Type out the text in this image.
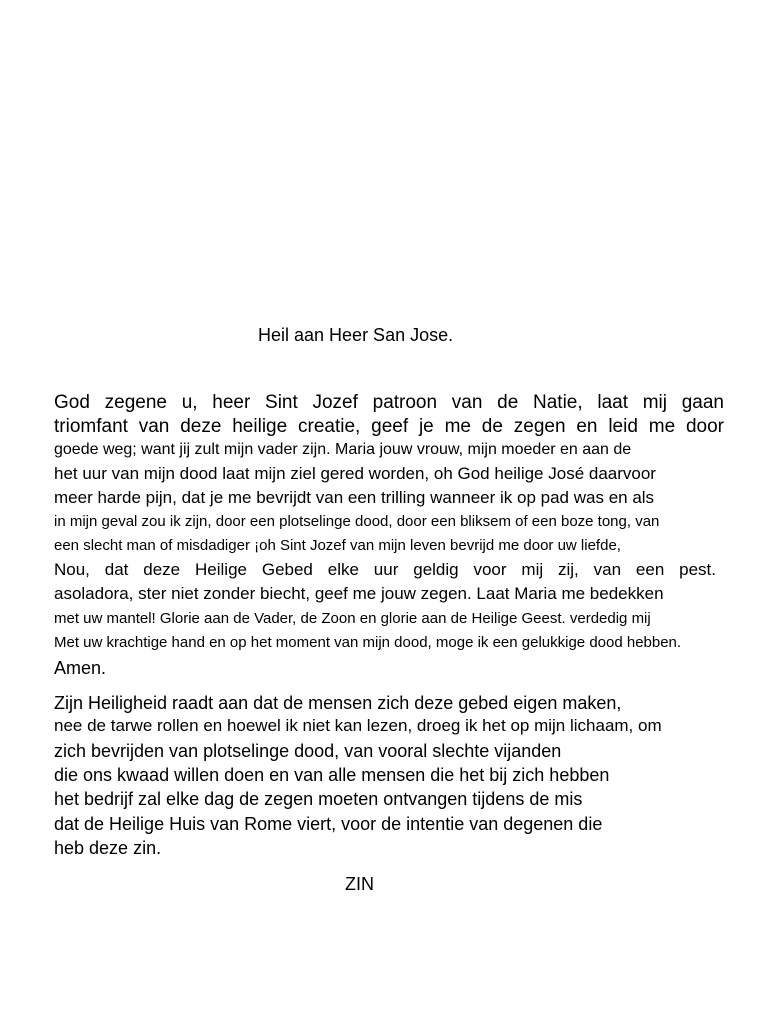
Heil aan Heer San Jose.
God zegene u, heer Sint Jozef patroon van de Natie, laat mij gaan
triomfant van deze heilige creatie, geef je me de zegen en leid me door
goede weg; want jij zult mijn vader zijn. Maria jouw vrouw, mijn moeder en aan de
het uur van mijn dood laat mijn ziel gered worden, oh God heilige José daarvoor
meer harde pijn, dat je me bevrijdt van een trilling wanneer ik op pad was en als
in mijn geval zou ik zijn, door een plotselinge dood, door een bliksem of een boze tong, van
een slecht man of misdadiger ¡oh Sint Jozef van mijn leven bevrijd me door uw liefde,
Nou, dat deze Heilige Gebed elke uur geldig voor mij zij, van een pest.
asoladora, ster niet zonder biecht, geef me jouw zegen. Laat Maria me bedekken
met uw mantel! Glorie aan de Vader, de Zoon en glorie aan de Heilige Geest. verdedig mij
Met uw krachtige hand en op het moment van mijn dood, moge ik een gelukkige dood hebben.
Amen.
Zijn Heiligheid raadt aan dat de mensen zich deze gebed eigen maken,
nee de tarwe rollen en hoewel ik niet kan lezen, droeg ik het op mijn lichaam, om
zich bevrijden van plotselinge dood, van vooral slechte vijanden
die ons kwaad willen doen en van alle mensen die het bij zich hebben
het bedrijf zal elke dag de zegen moeten ontvangen tijdens de mis
dat de Heilige Huis van Rome viert, voor de intentie van degenen die
heb deze zin.
ZIN
